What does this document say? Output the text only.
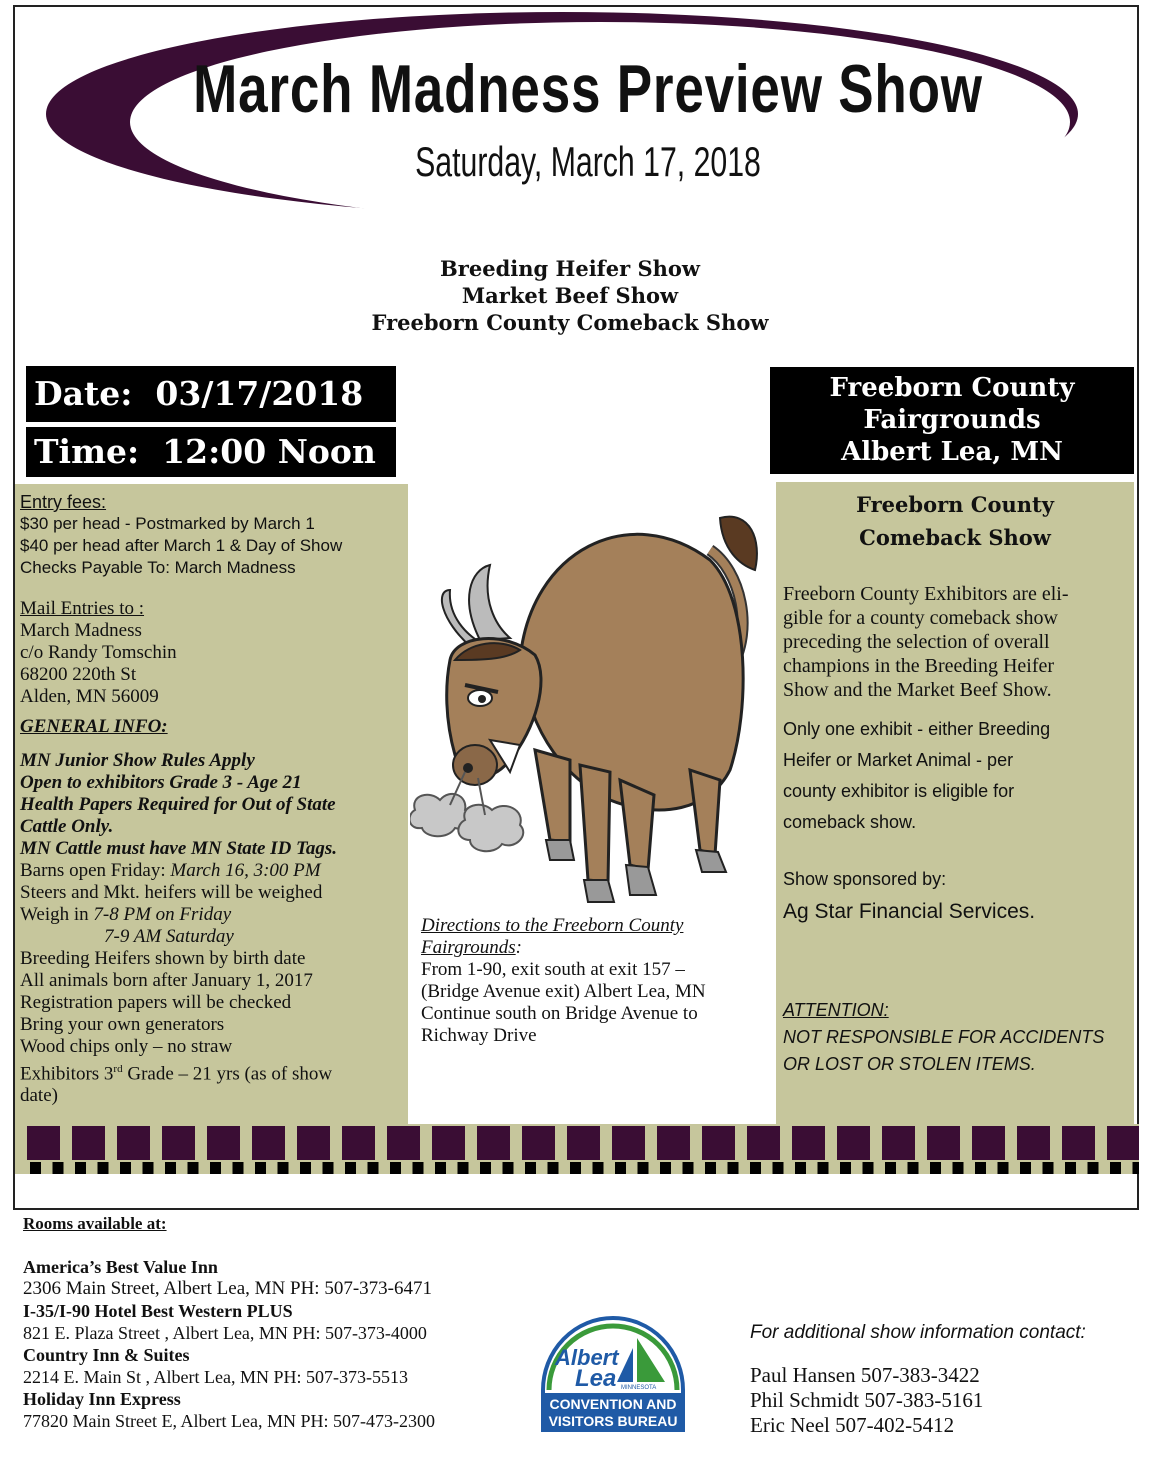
March Madness Preview Show
Saturday, March 17, 2018
Breeding Heifer Show
Market Beef Show
Freeborn County Comeback Show
Date: 03/17/2018
Time: 12:00 Noon
Freeborn County
Fairgrounds
Albert Lea, MN
Entry fees:
$30 per head - Postmarked by March 1
$40 per head after March 1 & Day of Show
Checks Payable To: March Madness
Mail Entries to :
March Madness
c/o Randy Tomschin
68200 220th St
Alden, MN 56009
GENERAL INFO:
MN Junior Show Rules Apply
Open to exhibitors Grade 3 - Age 21
Health Papers Required for Out of State
Cattle Only.
MN Cattle must have MN State ID Tags.
Barns open Friday: March 16, 3:00 PM
Steers and Mkt. heifers will be weighed
Weigh in 7-8 PM on Friday
7-9 AM Saturday
Breeding Heifers shown by birth date
All animals born after January 1, 2017
Registration papers will be checked
Bring your own generators
Wood chips only – no straw
Exhibitors 3rd Grade – 21 yrs (as of show
date)
Directions to the Freeborn County
Fairgrounds:
From 1-90, exit south at exit 157 –
(Bridge Avenue exit) Albert Lea, MN
Continue south on Bridge Avenue to
Richway Drive
Freeborn County
Comeback Show
Freeborn County Exhibitors are eli-
gible for a county comeback show
preceding the selection of overall
champions in the Breeding Heifer
Show and the Market Beef Show.
Only one exhibit - either Breeding
Heifer or Market Animal - per
county exhibitor is eligible for
comeback show.
Show sponsored by:
Ag Star Financial Services.
ATTENTION:
NOT RESPONSIBLE FOR ACCIDENTS
OR LOST OR STOLEN ITEMS.
Rooms available at:
America’s Best Value Inn
2306 Main Street, Albert Lea, MN PH: 507-373-6471
I-35/I-90 Hotel Best Western PLUS
821 E. Plaza Street , Albert Lea, MN PH: 507-373-4000
Country Inn & Suites
2214 E. Main St , Albert Lea, MN PH: 507-373-5513
Holiday Inn Express
77820 Main Street E, Albert Lea, MN PH: 507-473-2300
Albert
Lea MINNESOTA
CONVENTION AND
VISITORS BUREAU
For additional show information contact:
Paul Hansen 507-383-3422
Phil Schmidt 507-383-5161
Eric Neel 507-402-5412
